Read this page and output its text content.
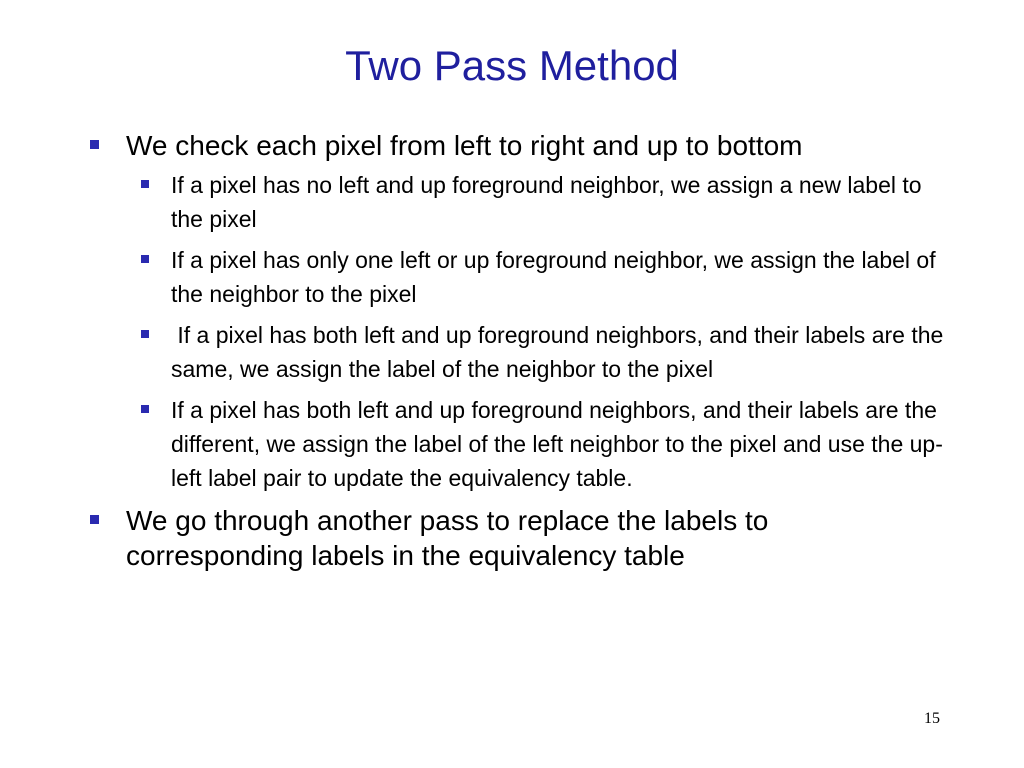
Two Pass Method
We check each pixel from left to right and up to bottom
If a pixel has no left and up foreground neighbor, we assign a new label to the pixel
If a pixel has only one left or up foreground neighbor, we assign the label of the neighbor to the pixel
If a pixel has both left and up foreground neighbors, and their labels are the same, we assign the label of the neighbor to the pixel
If a pixel has both left and up foreground neighbors, and their labels are the different, we assign the label of the left neighbor to the pixel and use the up-left label pair to update the equivalency table.
We go through another pass to replace the labels to corresponding labels in the equivalency table
15
